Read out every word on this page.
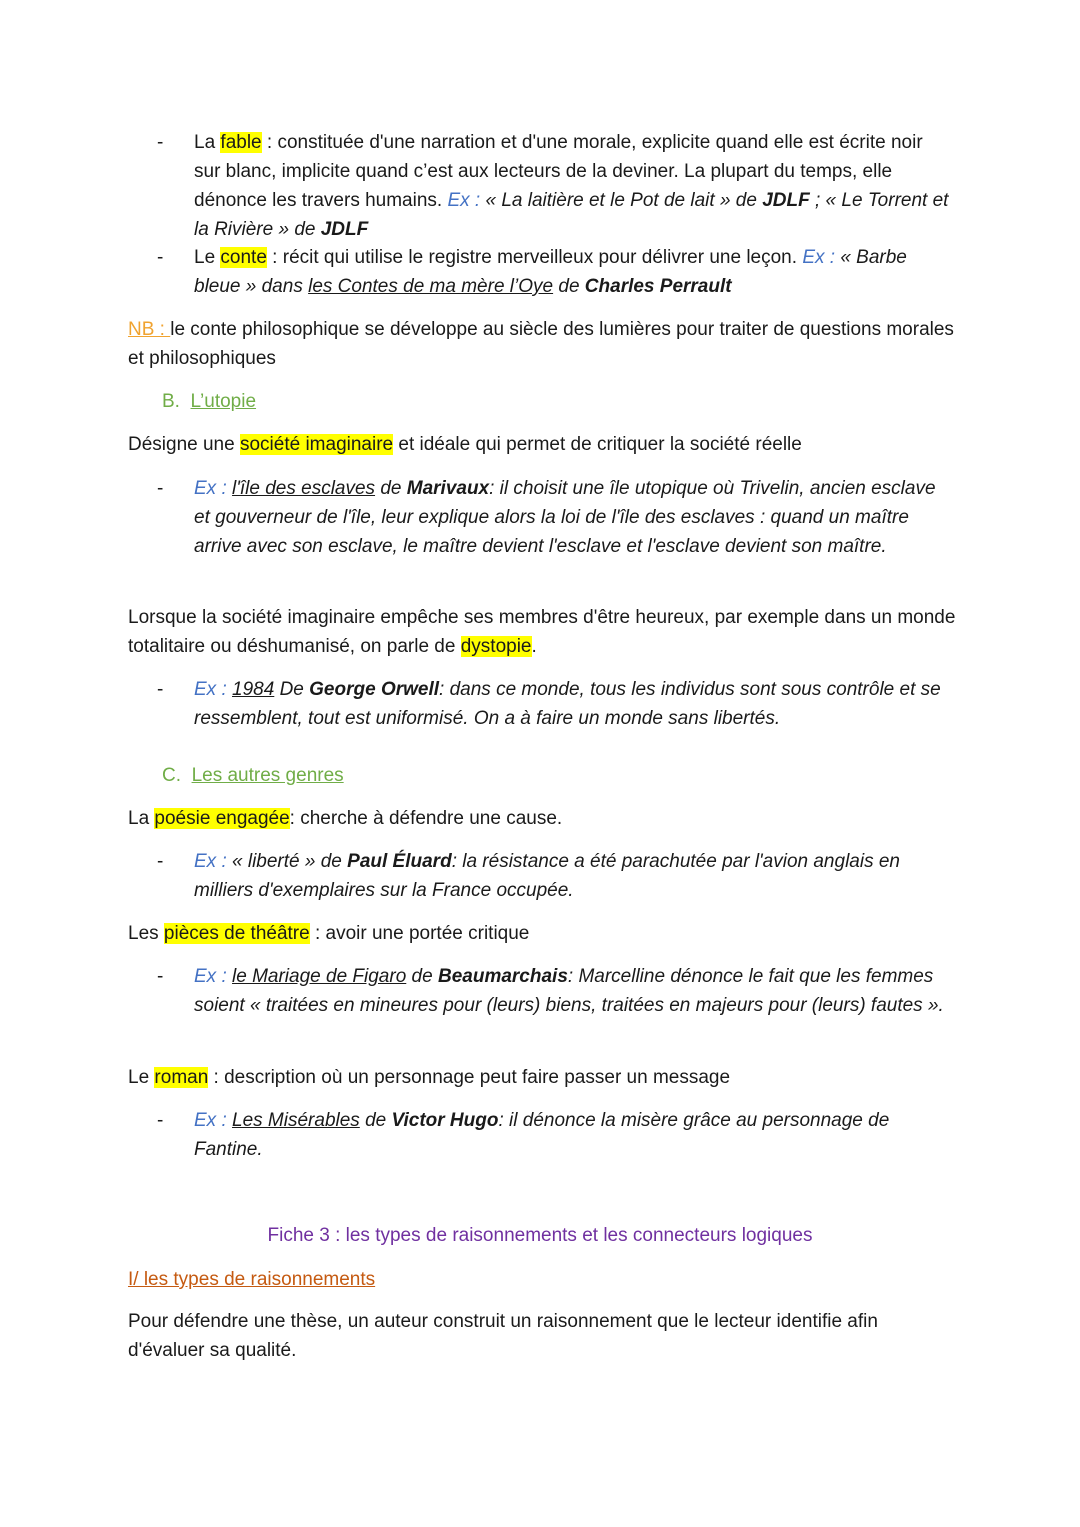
- La fable : constituée d'une narration et d'une morale, explicite quand elle est écrite noir sur blanc, implicite quand c’est aux lecteurs de la deviner. La plupart du temps, elle dénonce les travers humains. Ex : « La laitière et le Pot de lait » de JDLF ; « Le Torrent et la Rivière » de JDLF
- Le conte : récit qui utilise le registre merveilleux pour délivrer une leçon. Ex : « Barbe bleue » dans les Contes de ma mère l’Oye de Charles Perrault
NB : le conte philosophique se développe au siècle des lumières pour traiter de questions morales et philosophiques
B. L’utopie
Désigne une société imaginaire et idéale qui permet de critiquer la société réelle
- Ex : l'île des esclaves de Marivaux: il choisit une île utopique où Trivelin, ancien esclave et gouverneur de l'île, leur explique alors la loi de l'île des esclaves : quand un maître arrive avec son esclave, le maître devient l'esclave et l'esclave devient son maître.
Lorsque la société imaginaire empêche ses membres d'être heureux, par exemple dans un monde totalitaire ou déshumanisé, on parle de dystopie.
- Ex : 1984 De George Orwell: dans ce monde, tous les individus sont sous contrôle et se ressemblent, tout est uniformisé. On a à faire un monde sans libertés.
C. Les autres genres
La poésie engagée: cherche à défendre une cause.
- Ex : « liberté » de Paul Éluard: la résistance a été parachutée par l'avion anglais en milliers d'exemplaires sur la France occupée.
Les pièces de théâtre : avoir une portée critique
- Ex : le Mariage de Figaro de Beaumarchais: Marcelline dénonce le fait que les femmes soient « traitées en mineures pour (leurs) biens, traitées en majeurs pour (leurs) fautes ».
Le roman : description où un personnage peut faire passer un message
- Ex : Les Misérables de Victor Hugo: il dénonce la misère grâce au personnage de Fantine.
Fiche 3 : les types de raisonnements et les connecteurs logiques
I/ les types de raisonnements
Pour défendre une thèse, un auteur construit un raisonnement que le lecteur identifie afin d'évaluer sa qualité.
